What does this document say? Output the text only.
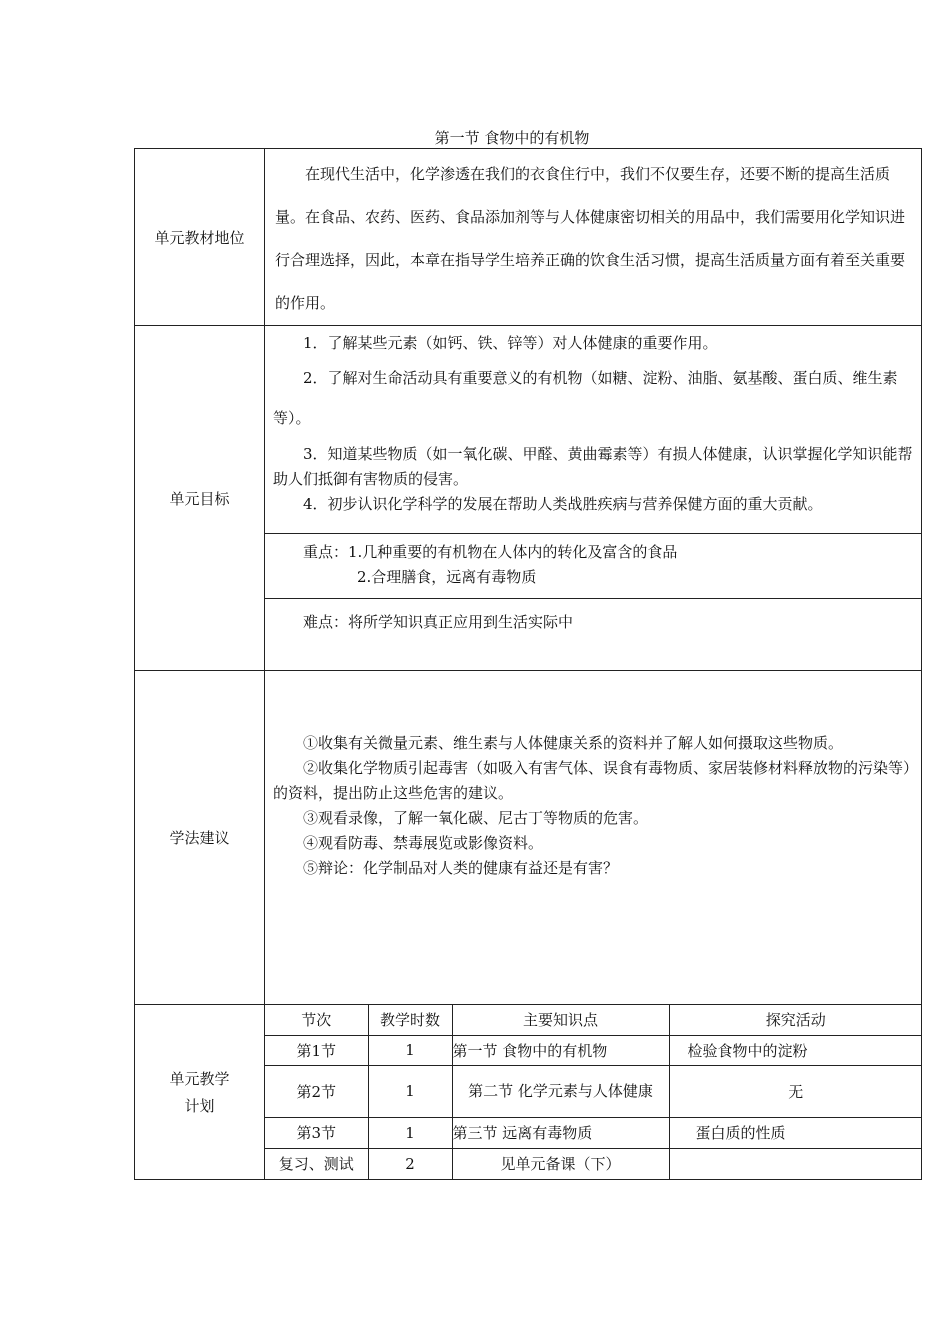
第一节 食物中的有机物
单元教材地位	

在现代生活中，化学渗透在我们的衣食住行中，我们不仅要生存，还要不断的提高生活质量。在食品、农药、医药、食品添加剂等与人体健康密切相关的用品中，我们需要用化学知识进行合理选择，因此，本章在指导学生培养正确的饮食生活习惯，提高生活质量方面有着至关重要的作用。

单元目标	

1．了解某些元素（如钙、铁、锌等）对人体健康的重要作用。

2．了解对生命活动具有重要意义的有机物（如糖、淀粉、油脂、氨基酸、蛋白质、维生素等）。

3．知道某些物质（如一氧化碳、甲醛、黄曲霉素等）有损人体健康，认识掌握化学知识能帮助人们抵御有害物质的侵害。

4．初步认识化学科学的发展在帮助人类战胜疾病与营养保健方面的重大贡献。

重点：1.几种重要的有机物在人体内的转化及富含的食品

2.合理膳食，远离有毒物质

难点：将所学知识真正应用到生活实际中

学法建议	

①收集有关微量元素、维生素与人体健康关系的资料并了解人如何摄取这些物质。

②收集化学物质引起毒害（如吸入有害气体、误食有毒物质、家居装修材料释放物的污染等）的资料，提出防止这些危害的建议。

③观看录像，了解一氧化碳、尼古丁等物质的危害。

④观看防毒、禁毒展览或影像资料。

⑤辩论：化学制品对人类的健康有益还是有害？

单元教学
计划

节次	教学时数	主要知识点	探究活动
第1节	1	第一节 食物中的有机物	检验食物中的淀粉
第2节	1	第二节 化学元素与人体健康	无
第3节	1	第三节 远离有毒物质	蛋白质的性质
复习、测试	2	见单元备课（下）	
